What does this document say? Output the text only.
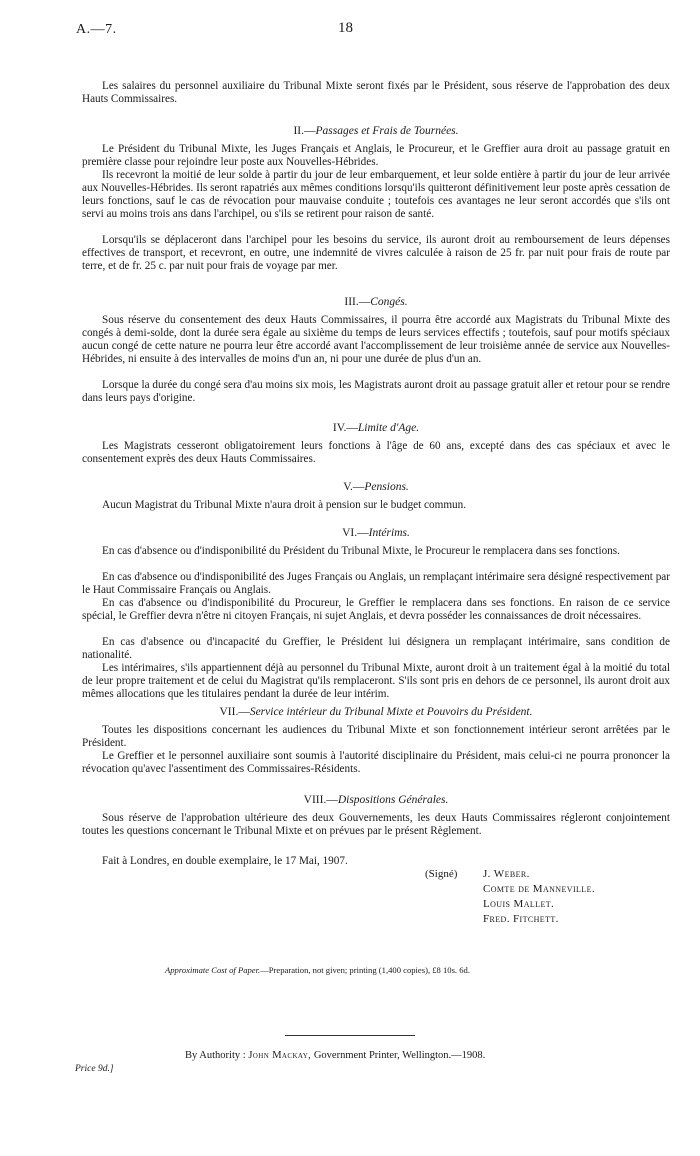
A.—7.	18

Les salaires du personnel auxiliaire du Tribunal Mixte seront fixés par le Président, sous réserve de l'approbation des deux Hauts Commissaires.

II.—Passages et Frais de Tournées.

Le Président du Tribunal Mixte, les Juges Français et Anglais, le Procureur, et le Greffier aura droit au passage gratuit en première classe pour rejoindre leur poste aux Nouvelles-Hébrides.

Ils recevront la moitié de leur solde à partir du jour de leur embarquement, et leur solde entière à partir du jour de leur arrivée aux Nouvelles-Hébrides. Ils seront rapatriés aux mêmes conditions lorsqu'ils quitteront définitivement leur poste après cessation de leurs fonctions, sauf le cas de révocation pour mauvaise conduite ; toutefois ces avantages ne leur seront accordés que s'ils ont servi au moins trois ans dans l'archipel, ou s'ils se retirent pour raison de santé.

Lorsqu'ils se déplaceront dans l'archipel pour les besoins du service, ils auront droit au remboursement de leurs dépenses effectives de transport, et recevront, en outre, une indemnité de vivres calculée à raison de 25 fr. par nuit pour frais de route par terre, et de fr. 25 c. par nuit pour frais de voyage par mer.

III.—Congés.

Sous réserve du consentement des deux Hauts Commissaires, il pourra être accordé aux Magistrats du Tribunal Mixte des congés à demi-solde, dont la durée sera égale au sixième du temps de leurs services effectifs ; toutefois, sauf pour motifs spéciaux aucun congé de cette nature ne pourra leur être accordé avant l'accomplissement de leur troisième année de service aux Nouvelles-Hébrides, ni ensuite à des intervalles de moins d'un an, ni pour une durée de plus d'un an.

Lorsque la durée du congé sera d'au moins six mois, les Magistrats auront droit au passage gratuit aller et retour pour se rendre dans leurs pays d'origine.

IV.—Limite d'Age.

Les Magistrats cesseront obligatoirement leurs fonctions à l'âge de 60 ans, excepté dans des cas spéciaux et avec le consentement exprès des deux Hauts Commissaires.

V.—Pensions.

Aucun Magistrat du Tribunal Mixte n'aura droit à pension sur le budget commun.

VI.—Intérims.

En cas d'absence ou d'indisponibilité du Président du Tribunal Mixte, le Procureur le remplacera dans ses fonctions.

En cas d'absence ou d'indisponibilité des Juges Français ou Anglais, un remplaçant intérimaire sera désigné respectivement par le Haut Commissaire Français ou Anglais.

En cas d'absence ou d'indisponibilité du Procureur, le Greffier le remplacera dans ses fonctions. En raison de ce service spécial, le Greffier devra n'être ni citoyen Français, ni sujet Anglais, et devra posséder les connaissances de droit nécessaires.

En cas d'absence ou d'incapacité du Greffier, le Président lui désignera un remplaçant intérimaire, sans condition de nationalité.

Les intérimaires, s'ils appartiennent déjà au personnel du Tribunal Mixte, auront droit à un traitement égal à la moitié du total de leur propre traitement et de celui du Magistrat qu'ils remplaceront. S'ils sont pris en dehors de ce personnel, ils auront droit aux mêmes allocations que les titulaires pendant la durée de leur intérim.

VII.—Service intérieur du Tribunal Mixte et Pouvoirs du Président.

Toutes les dispositions concernant les audiences du Tribunal Mixte et son fonctionnement intérieur seront arrêtées par le Président.

Le Greffier et le personnel auxiliaire sont soumis à l'autorité disciplinaire du Président, mais celui-ci ne pourra prononcer la révocation qu'avec l'assentiment des Commissaires-Résidents.

VIII.—Dispositions Générales.

Sous réserve de l'approbation ultérieure des deux Gouvernements, les deux Hauts Commissaires régleront conjointement toutes les questions concernant le Tribunal Mixte et on prévues par le présent Règlement.

Fait à Londres, en double exemplaire, le 17 Mai, 1907.

(Signé) J. Weber.
Comte de Manneville.
Louis Mallet.
Fred. Fitchett.
Approximate Cost of Paper.—Preparation, not given; printing (1,400 copies), £8 10s. 6d.
By Authority : John Mackay, Government Printer, Wellington.—1908.
Price 9d.]
